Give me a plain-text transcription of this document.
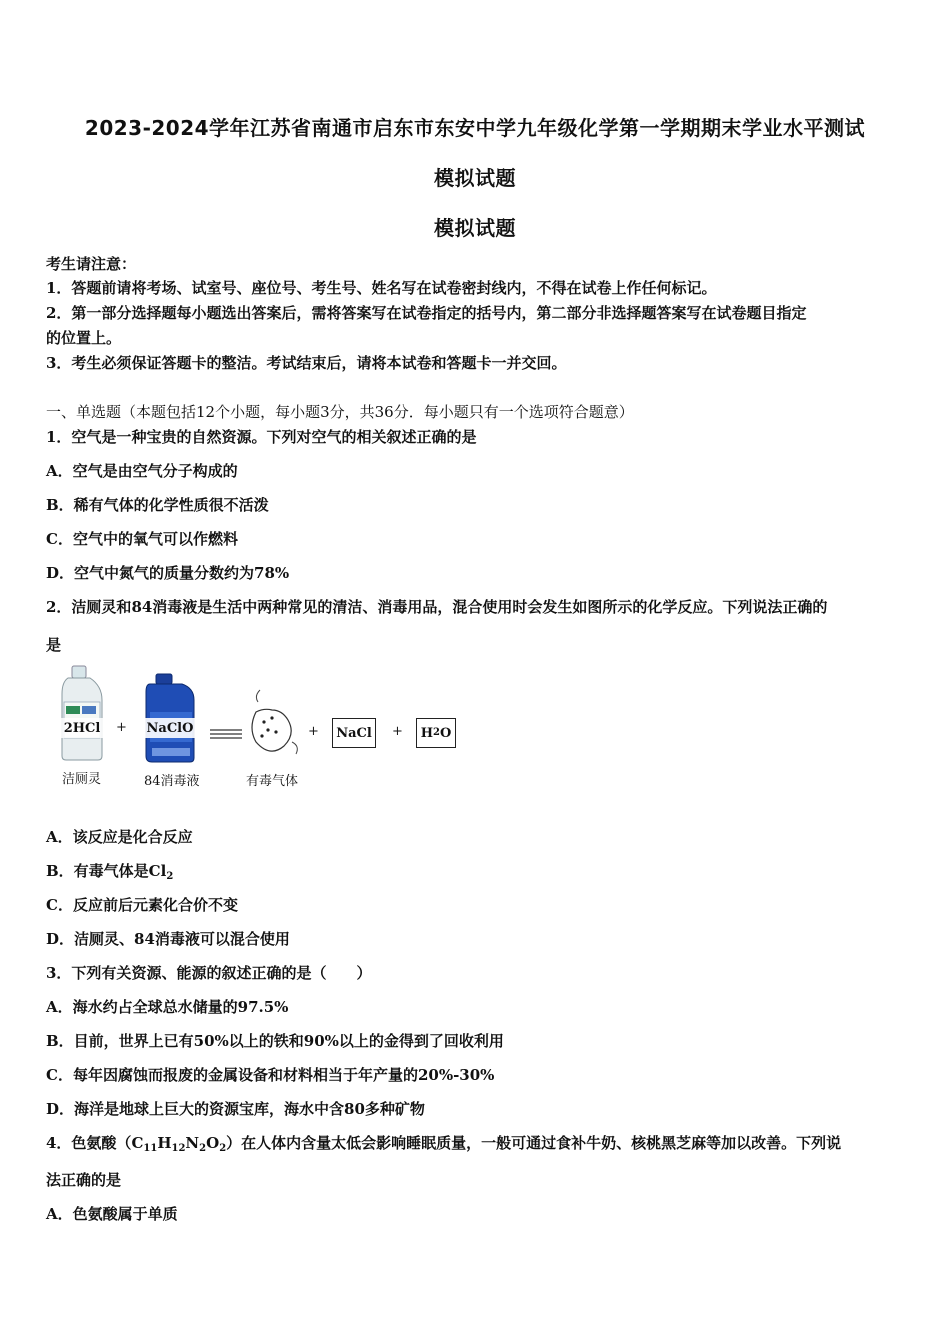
2023-2024学年江苏省南通市启东市东安中学九年级化学第一学期期末学业水平测试
模拟试题
模拟试题
考生请注意：
1．答题前请将考场、试室号、座位号、考生号、姓名写在试卷密封线内，不得在试卷上作任何标记。
2．第一部分选择题每小题选出答案后，需将答案写在试卷指定的括号内，第二部分非选择题答案写在试卷题目指定
的位置上。
3．考生必须保证答题卡的整洁。考试结束后，请将本试卷和答题卡一并交回。
一、单选题（本题包括12个小题，每小题3分，共36分．每小题只有一个选项符合题意）
1．空气是一种宝贵的自然资源。下列对空气的相关叙述正确的是
A．空气是由空气分子构成的
B．稀有气体的化学性质很不活泼
C．空气中的氧气可以作燃料
D．空气中氮气的质量分数约为78%
2．洁厕灵和84消毒液是生活中两种常见的清洁、消毒用品，混合使用时会发生如图所示的化学反应。下列说法正确的
是
2HCl
洁厕灵
+	NaClO
84消毒液	有毒气体
+	NaCl	+ H 2 O
A．该反应是化合反应
B．有毒气体是$Cl_2$
C．反应前后元素化合价不变
D．洁厕灵、84消毒液可以混合使用
3．下列有关资源、能源的叙述正确的是（　　）
A．海水约占全球总水储量的97.5%
B．目前，世界上已有50%以上的铁和90%以上的金得到了回收利用
C．每年因腐蚀而报废的金属设备和材料相当于年产量的20%-30%
D．海洋是地球上巨大的资源宝库，海水中含80多种矿物
4．色氨酸$(C_{11}H_{12}N_2O_2)$在人体内含量太低会影响睡眠质量，一般可通过食补牛奶、核桃黑芝麻等加以改善。下列说
法正确的是
A．色氨酸属于单质
